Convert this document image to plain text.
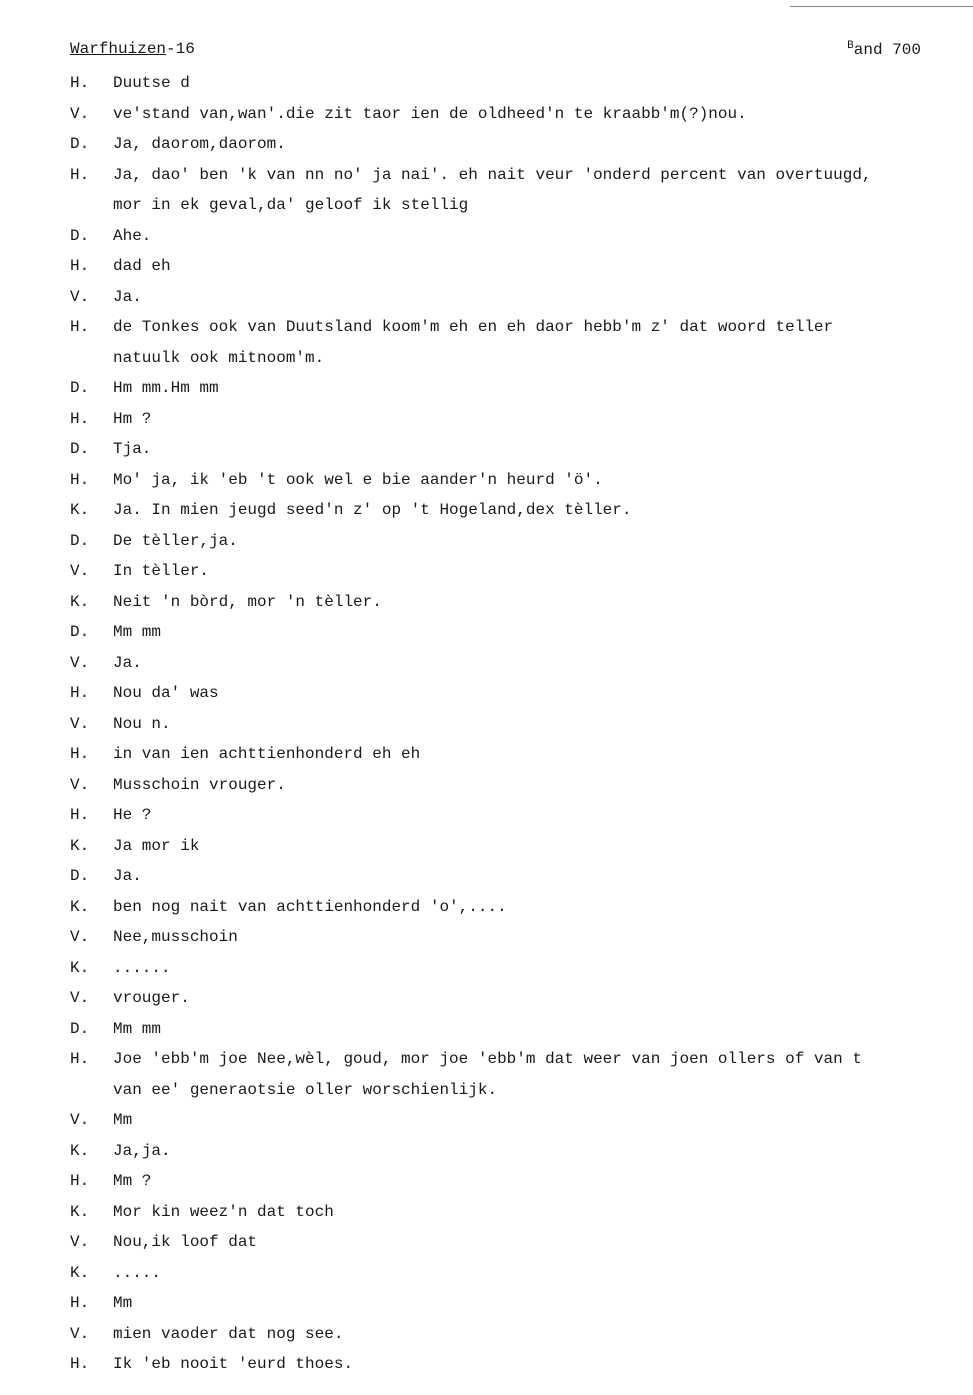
Warfhuizen-16	$^B$and 700
H.	Duutse d
V.	ve'stand van,wan'.die zit taor ien de oldheed'n te kraabb'm(?)nou.
D.	Ja, daorom,daorom.
H.	Ja, dao' ben 'k van nn no' ja nai'. eh nait veur 'onderd percent van overtuugd,
mor in ek geval,da' geloof ik stellig
D.	Ahe.
H.	dad eh
V.	Ja.
H.	de Tonkes ook van Duutsland koom'm eh en eh daor hebb'm z' dat woord teller
natuulk ook mitnoom'm.
D.	Hm mm.Hm mm
H.	Hm ?
D.	Tja.
H.	Mo' ja, ik 'eb 't ook wel e bie aander'n heurd 'ö'.
K.	Ja. In mien jeugd seed'n z' op 't Hogeland,dex tèller.
D.	De tèller,ja.
V.	In tèller.
K.	Neit 'n bòrd, mor 'n tèller.
D.	Mm mm
V.	Ja.
H.	Nou da' was
V.	Nou n.
H.	in van ien achttienhonderd eh eh
V.	Musschoin vrouger.
H.	He ?
K.	Ja mor ik
D.	Ja.
K.	ben nog nait van achttienhonderd 'o',....
V.	Nee,musschoin
K.	......
V.	vrouger.
D.	Mm mm
H.	Joe 'ebb'm joe Nee,wèl, goud, mor joe 'ebb'm dat weer van joen ollers of van t
van ee' generaotsie oller worschienlijk.
V.	Mm
K.	Ja,ja.
H.	Mm ?
K.	Mor kin weez'n dat toch
V.	Nou,ik loof dat
K.	.....
H.	Mm
V.	mien vaoder dat nog see.
H.	Ik 'eb nooit 'eurd thoes.
